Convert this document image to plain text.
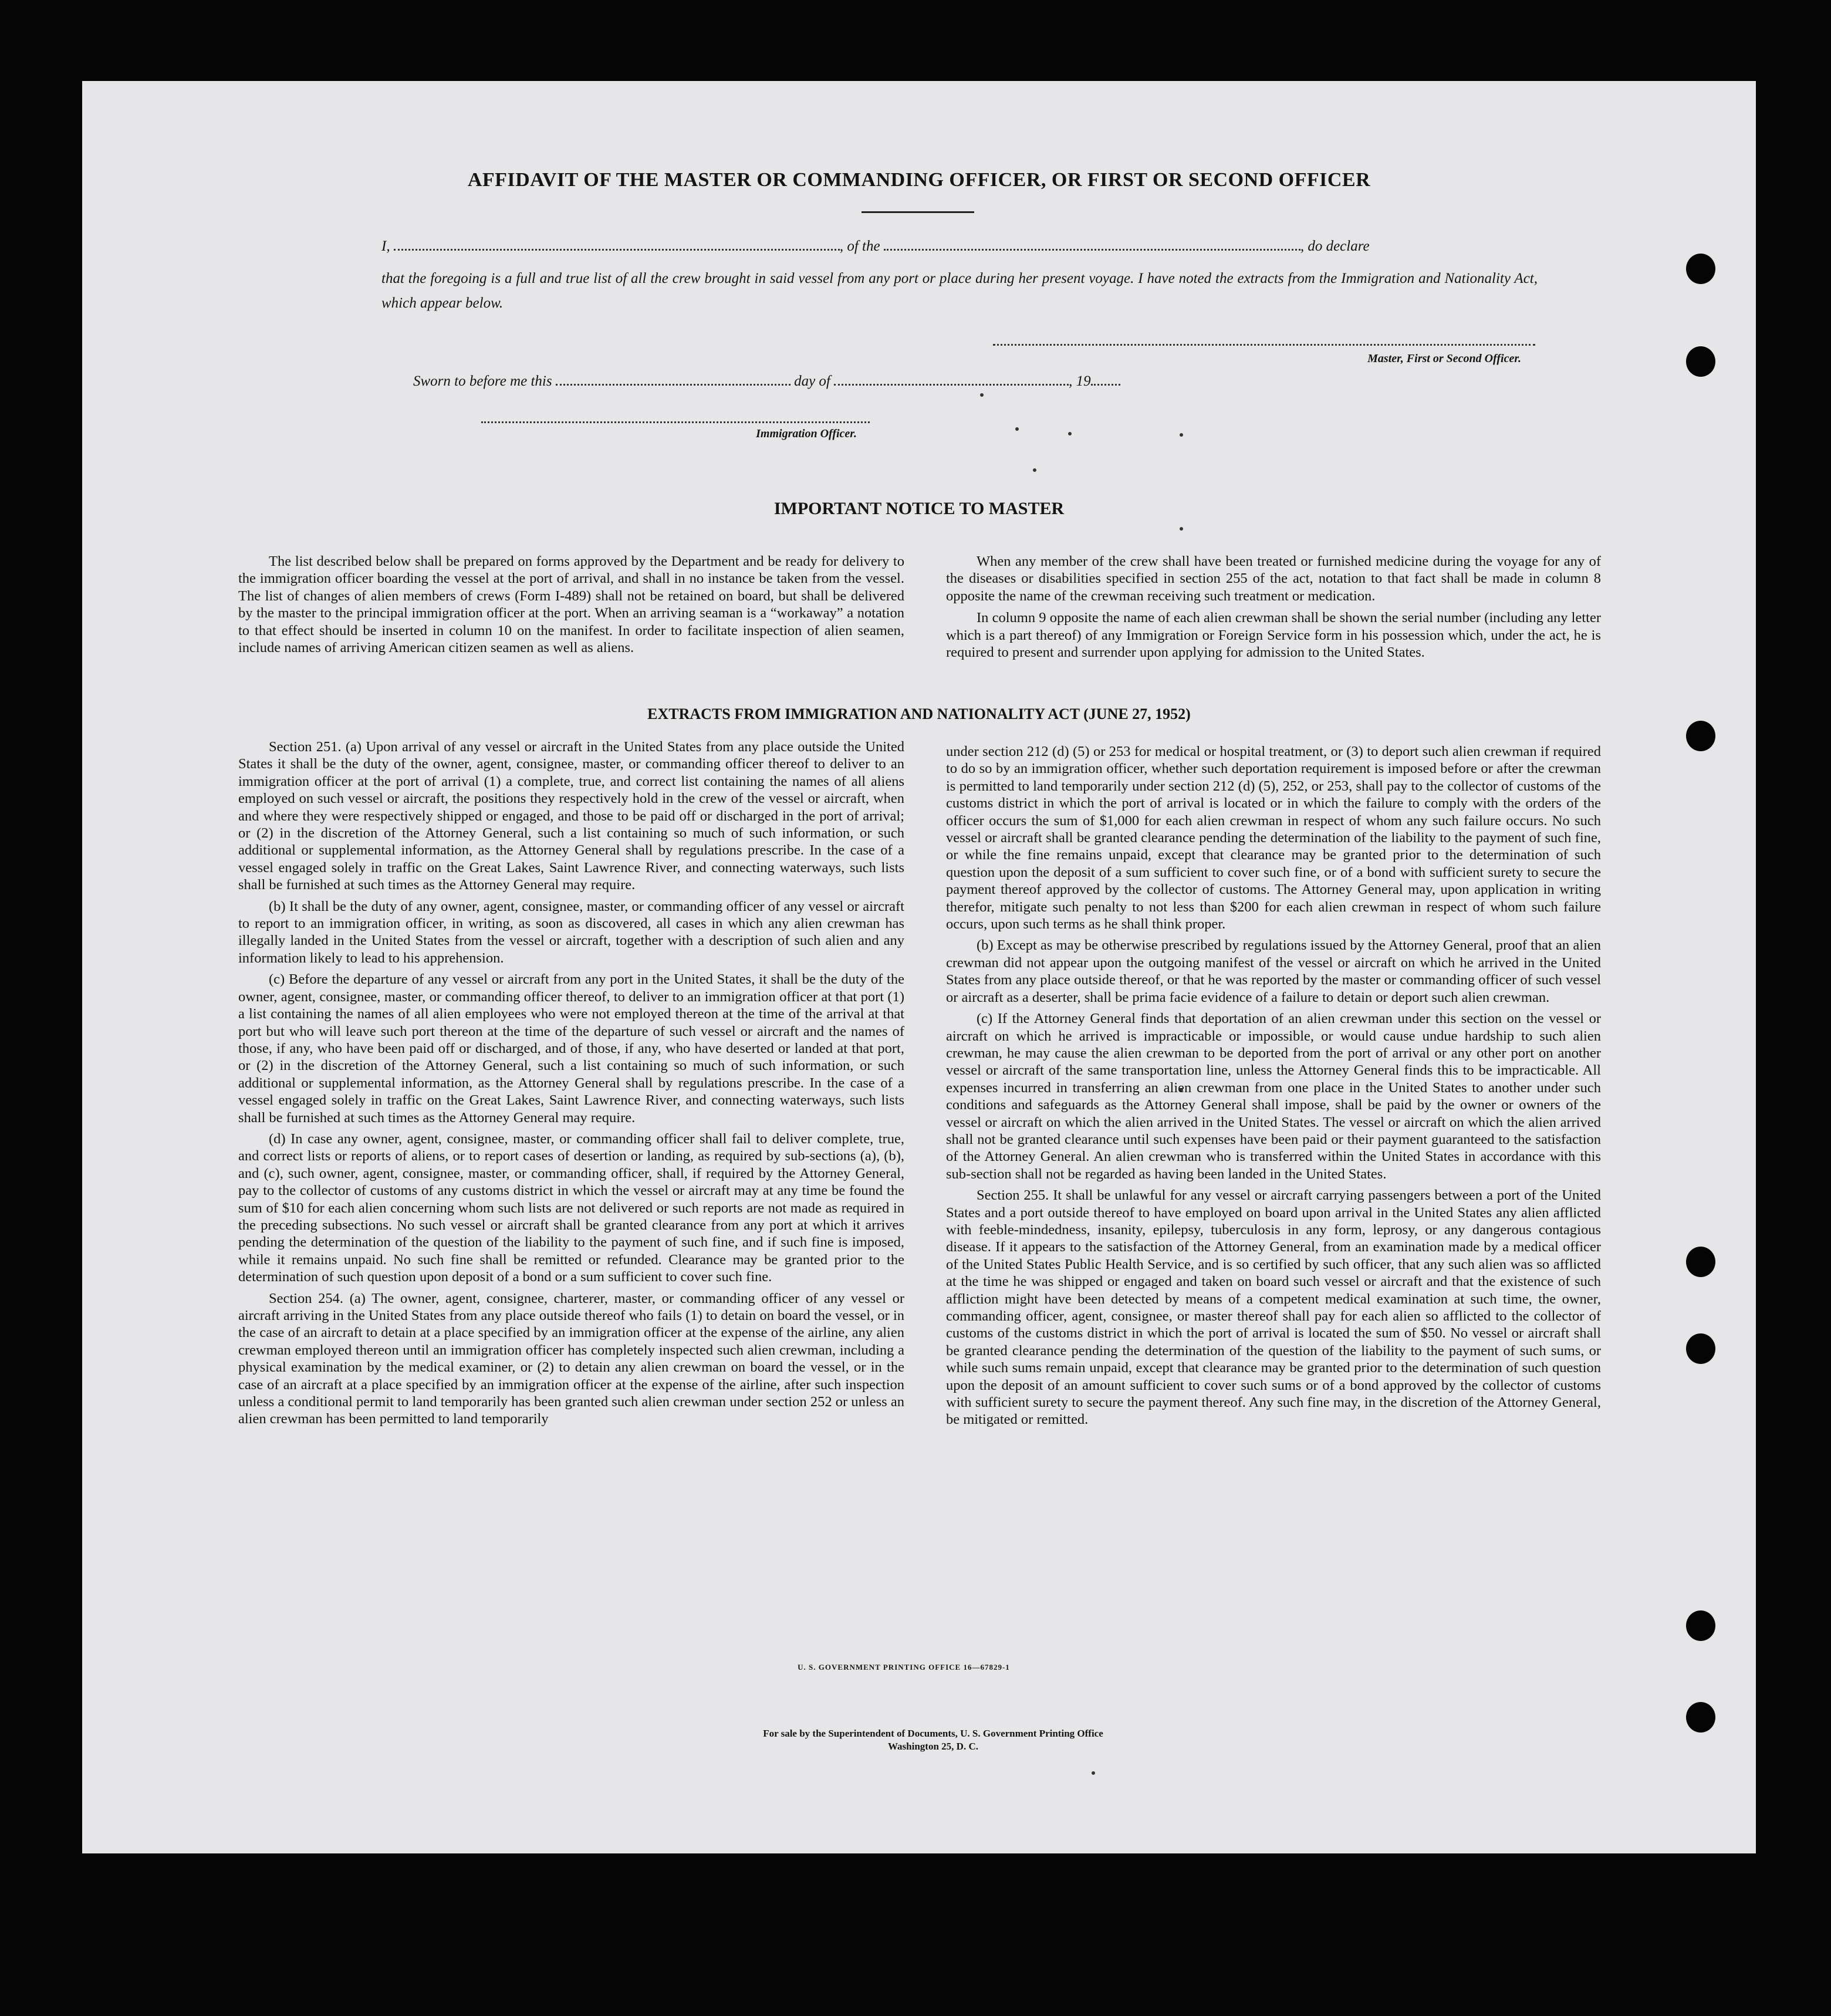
AFFIDAVIT OF THE MASTER OR COMMANDING OFFICER, OR FIRST OR SECOND OFFICER
I,	, of the	, do declare
that the foregoing is a full and true list of all the crew brought in said vessel from any port or place during her present voyage. I have noted the extracts from the Immigration and Nationality Act, which appear below.
Master, First or Second Officer.
Sworn to before me this	day of	, 19
Immigration Officer.
IMPORTANT NOTICE TO MASTER

The list described below shall be prepared on forms approved by the Department and be ready for delivery to the immigration officer boarding the vessel at the port of arrival, and shall in no instance be taken from the vessel. The list of changes of alien members of crews (Form I-489) shall not be retained on board, but shall be delivered by the master to the principal immigration officer at the port. When an arriving seaman is a “workaway” a notation to that effect should be inserted in column 10 on the manifest. In order to facilitate inspection of alien seamen, include names of arriving American citizen seamen as well as aliens.

When any member of the crew shall have been treated or furnished medicine during the voyage for any of the diseases or disabilities specified in section 255 of the act, notation to that fact shall be made in column 8 opposite the name of the crewman receiving such treatment or medication.

In column 9 opposite the name of each alien crewman shall be shown the serial number (including any letter which is a part thereof) of any Immigration or Foreign Service form in his possession which, under the act, he is required to present and surrender upon applying for admission to the United States.

EXTRACTS FROM IMMIGRATION AND NATIONALITY ACT (JUNE 27, 1952)

Section 251. (a) Upon arrival of any vessel or aircraft in the United States from any place outside the United States it shall be the duty of the owner, agent, consignee, master, or commanding officer thereof to deliver to an immigration officer at the port of arrival (1) a complete, true, and correct list containing the names of all aliens employed on such vessel or aircraft, the positions they respectively hold in the crew of the vessel or aircraft, when and where they were respectively shipped or engaged, and those to be paid off or discharged in the port of arrival; or (2) in the discretion of the Attorney General, such a list containing so much of such information, or such additional or supplemental information, as the Attorney General shall by regulations prescribe. In the case of a vessel engaged solely in traffic on the Great Lakes, Saint Lawrence River, and connecting waterways, such lists shall be furnished at such times as the Attorney General may require.

(b) It shall be the duty of any owner, agent, consignee, master, or commanding officer of any vessel or aircraft to report to an immigration officer, in writing, as soon as discovered, all cases in which any alien crewman has illegally landed in the United States from the vessel or aircraft, together with a description of such alien and any information likely to lead to his apprehension.

(c) Before the departure of any vessel or aircraft from any port in the United States, it shall be the duty of the owner, agent, consignee, master, or commanding officer thereof, to deliver to an immigration officer at that port (1) a list containing the names of all alien employees who were not employed thereon at the time of the arrival at that port but who will leave such port thereon at the time of the departure of such vessel or aircraft and the names of those, if any, who have been paid off or discharged, and of those, if any, who have deserted or landed at that port, or (2) in the discretion of the Attorney General, such a list containing so much of such information, or such additional or supplemental information, as the Attorney General shall by regulations prescribe. In the case of a vessel engaged solely in traffic on the Great Lakes, Saint Lawrence River, and connecting waterways, such lists shall be furnished at such times as the Attorney General may require.

(d) In case any owner, agent, consignee, master, or commanding officer shall fail to deliver complete, true, and correct lists or reports of aliens, or to report cases of desertion or landing, as required by sub-sections (a), (b), and (c), such owner, agent, consignee, master, or commanding officer, shall, if required by the Attorney General, pay to the collector of customs of any customs district in which the vessel or aircraft may at any time be found the sum of $10 for each alien concerning whom such lists are not delivered or such reports are not made as required in the preceding subsections. No such vessel or aircraft shall be granted clearance from any port at which it arrives pending the determination of the question of the liability to the payment of such fine, and if such fine is imposed, while it remains unpaid. No such fine shall be remitted or refunded. Clearance may be granted prior to the determination of such question upon deposit of a bond or a sum sufficient to cover such fine.

Section 254. (a) The owner, agent, consignee, charterer, master, or commanding officer of any vessel or aircraft arriving in the United States from any place outside thereof who fails (1) to detain on board the vessel, or in the case of an aircraft to detain at a place specified by an immigration officer at the expense of the airline, any alien crewman employed thereon until an immigration officer has completely inspected such alien crewman, including a physical examination by the medical examiner, or (2) to detain any alien crewman on board the vessel, or in the case of an aircraft at a place specified by an immigration officer at the expense of the airline, after such inspection unless a conditional permit to land temporarily has been granted such alien crewman under section 252 or unless an alien crewman has been permitted to land temporarily

under section 212 (d) (5) or 253 for medical or hospital treatment, or (3) to deport such alien crewman if required to do so by an immigration officer, whether such deportation requirement is imposed before or after the crewman is permitted to land temporarily under section 212 (d) (5), 252, or 253, shall pay to the collector of customs of the customs district in which the port of arrival is located or in which the failure to comply with the orders of the officer occurs the sum of $1,000 for each alien crewman in respect of whom any such failure occurs. No such vessel or aircraft shall be granted clearance pending the determination of the liability to the payment of such fine, or while the fine remains unpaid, except that clearance may be granted prior to the determination of such question upon the deposit of a sum sufficient to cover such fine, or of a bond with sufficient surety to secure the payment thereof approved by the collector of customs. The Attorney General may, upon application in writing therefor, mitigate such penalty to not less than $200 for each alien crewman in respect of whom such failure occurs, upon such terms as he shall think proper.

(b) Except as may be otherwise prescribed by regulations issued by the Attorney General, proof that an alien crewman did not appear upon the outgoing manifest of the vessel or aircraft on which he arrived in the United States from any place outside thereof, or that he was reported by the master or commanding officer of such vessel or aircraft as a deserter, shall be prima facie evidence of a failure to detain or deport such alien crewman.

(c) If the Attorney General finds that deportation of an alien crewman under this section on the vessel or aircraft on which he arrived is impracticable or impossible, or would cause undue hardship to such alien crewman, he may cause the alien crewman to be deported from the port of arrival or any other port on another vessel or aircraft of the same transportation line, unless the Attorney General finds this to be impracticable. All expenses incurred in transferring an alien crewman from one place in the United States to another under such conditions and safeguards as the Attorney General shall impose, shall be paid by the owner or owners of the vessel or aircraft on which the alien arrived in the United States. The vessel or aircraft on which the alien arrived shall not be granted clearance until such expenses have been paid or their payment guaranteed to the satisfaction of the Attorney General. An alien crewman who is transferred within the United States in accordance with this sub-section shall not be regarded as having been landed in the United States.

Section 255. It shall be unlawful for any vessel or aircraft carrying passengers between a port of the United States and a port outside thereof to have employed on board upon arrival in the United States any alien afflicted with feeble-mindedness, insanity, epilepsy, tuberculosis in any form, leprosy, or any dangerous contagious disease. If it appears to the satisfaction of the Attorney General, from an examination made by a medical officer of the United States Public Health Service, and is so certified by such officer, that any such alien was so afflicted at the time he was shipped or engaged and taken on board such vessel or aircraft and that the existence of such affliction might have been detected by means of a competent medical examination at such time, the owner, commanding officer, agent, consignee, or master thereof shall pay for each alien so afflicted to the collector of customs of the customs district in which the port of arrival is located the sum of $50. No vessel or aircraft shall be granted clearance pending the determination of the question of the liability to the payment of such sums, or while such sums remain unpaid, except that clearance may be granted prior to the determination of such question upon the deposit of an amount sufficient to cover such sums or of a bond approved by the collector of customs with sufficient surety to secure the payment thereof. Any such fine may, in the discretion of the Attorney General, be mitigated or remitted.

U. S. GOVERNMENT PRINTING OFFICE 16—67829-1
For sale by the Superintendent of Documents, U. S. Government Printing Office
Washington 25, D. C.
